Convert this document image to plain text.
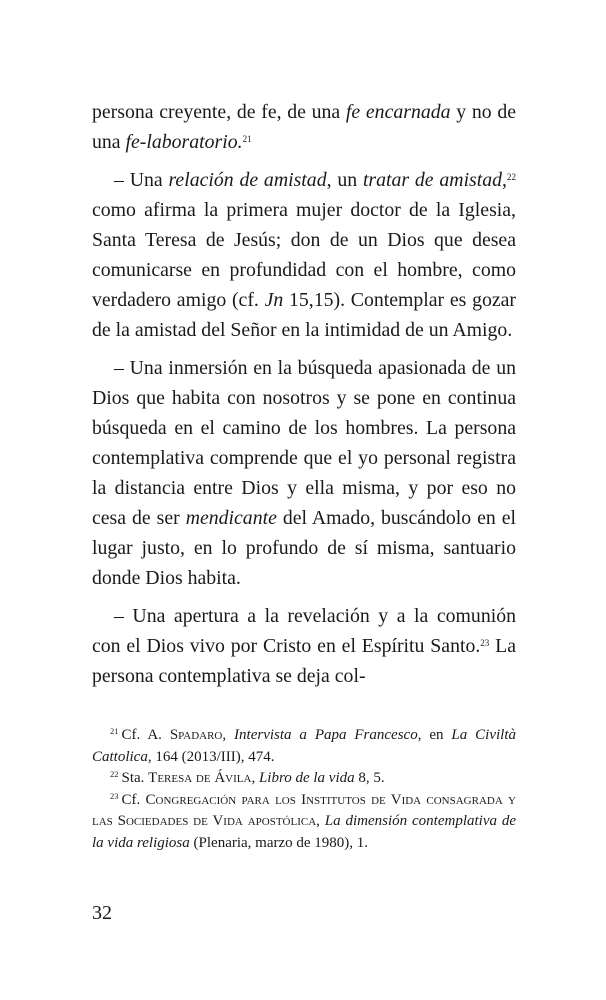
persona creyente, de fe, de una fe encarnada y no de una fe-laboratorio.$^{21}$

– Una relación de amistad, un tratar de amistad,$^{22}$ como afirma la primera mujer doctor de la Iglesia, Santa Teresa de Jesús; don de un Dios que desea comunicarse en profundidad con el hombre, como verdadero amigo (cf. Jn 15,15). Contemplar es gozar de la amistad del Señor en la intimidad de un Amigo.

– Una inmersión en la búsqueda apasionada de un Dios que habita con nosotros y se pone en continua búsqueda en el camino de los hombres. La persona contemplativa comprende que el yo personal registra la distancia entre Dios y ella misma, y por eso no cesa de ser mendicante del Amado, buscándolo en el lugar justo, en lo profundo de sí misma, santuario donde Dios habita.

– Una apertura a la revelación y a la comunión con el Dios vivo por Cristo en el Espíritu Santo.$^{23}$ La persona contemplativa se deja col-

$^{21}$ Cf. A. Spadaro, Intervista a Papa Francesco, en La Civiltà Cattolica, 164 (2013/III), 474.

$^{22}$ Sta. Teresa de Ávila, Libro de la vida 8, 5.

$^{23}$ Cf. Congregación para los Institutos de Vida consagrada y las Sociedades de Vida apostólica, La dimensión contemplativa de la vida religiosa (Plenaria, marzo de 1980), 1.

32
